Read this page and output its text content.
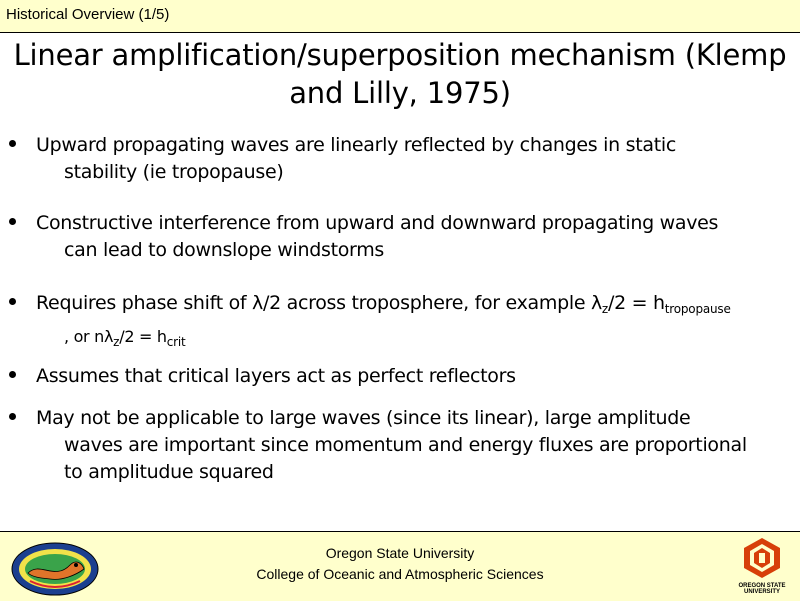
Historical Overview (1/5)
Linear amplification/superposition mechanism (Klemp
and Lilly, 1975)
Upward propagating waves are linearly reflected by changes in static
stability (ie tropopause)
Constructive interference from upward and downward propagating waves
can lead to downslope windstorms
Requires phase shift of λ/2 across troposphere, for example $\lambda_z/2 = h_{tropopause}$
, or $n\lambda_z/2 = h_{crit}$
Assumes that critical layers act as perfect reflectors
May not be applicable to large waves (since its linear), large amplitude
waves are important since momentum and energy fluxes are proportional
to amplitudue squared
Oregon State University
College of Oceanic and Atmospheric Sciences
OREGON STATE
UNIVERSITY
